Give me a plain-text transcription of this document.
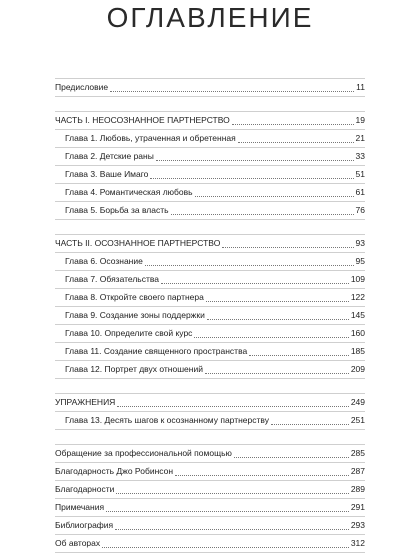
ОГЛАВЛЕНИЕ
Предисловие	11
ЧАСТЬ I. НЕОСОЗНАННОЕ ПАРТНЕРСТВО	19
Глава 1. Любовь, утраченная и обретенная	21
Глава 2. Детские раны	33
Глава 3. Ваше Имаго	51
Глава 4. Романтическая любовь	61
Глава 5. Борьба за власть	76
ЧАСТЬ II. ОСОЗНАННОЕ ПАРТНЕРСТВО	93
Глава 6. Осознание	95
Глава 7. Обязательства	109
Глава 8. Откройте своего партнера	122
Глава 9. Создание зоны поддержки	145
Глава 10. Определите свой курс	160
Глава 11. Создание священного пространства	185
Глава 12. Портрет двух отношений	209
УПРАЖНЕНИЯ	249
Глава 13. Десять шагов к осознанному партнерству	251
Обращение за профессиональной помощью	285
Благодарность Джо Робинсон	287
Благодарности	289
Примечания	291
Библиография	293
Об авторах	312
